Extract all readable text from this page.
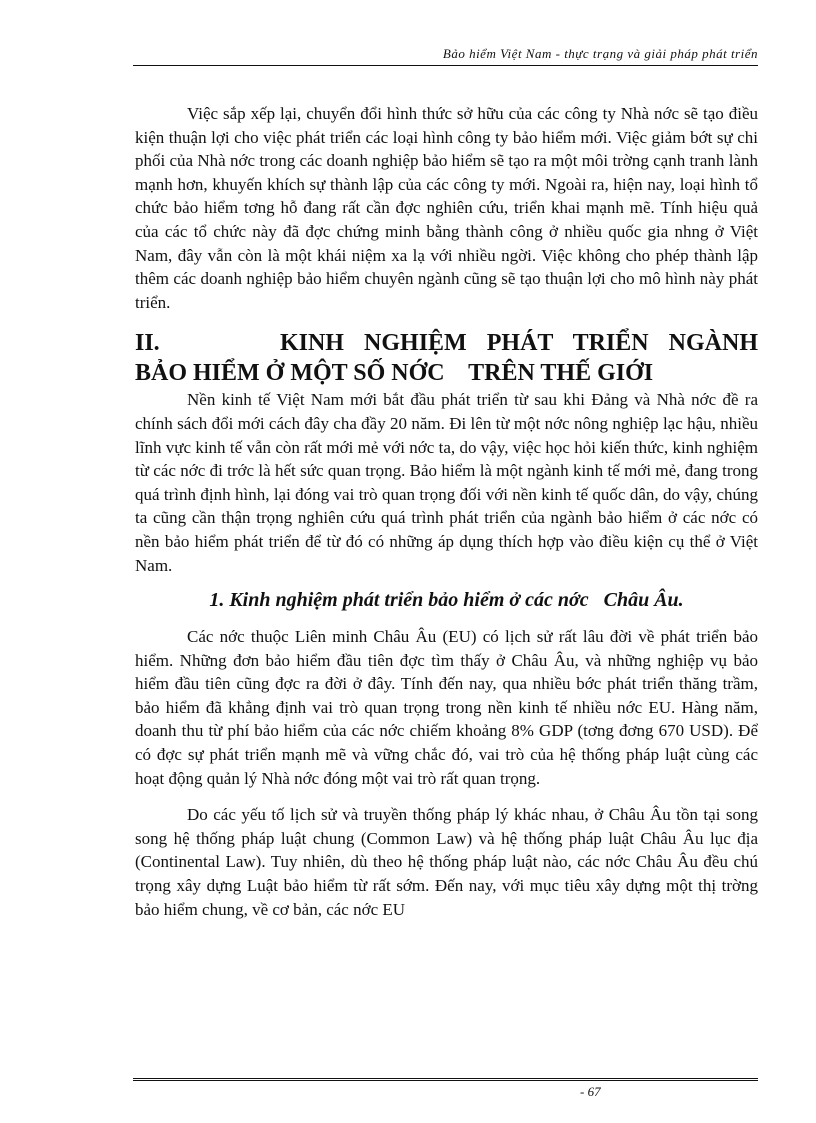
Bảo hiểm Việt Nam - thực trạng và giải pháp phát triển

Việc sắp xếp lại, chuyển đổi hình thức sở hữu của các công ty Nhà nớc sẽ tạo điều kiện thuận lợi cho việc phát triển các loại hình công ty bảo hiểm mới. Việc giảm bớt sự chi phối của Nhà nớc trong các doanh nghiệp bảo hiểm sẽ tạo ra một môi trờng cạnh tranh lành mạnh hơn, khuyến khích sự thành lập của các công ty mới. Ngoài ra, hiện nay, loại hình tổ chức bảo hiểm tơng hỗ đang rất cần đợc nghiên cứu, triển khai mạnh mẽ. Tính hiệu quả của các tổ chức này đã đợc chứng minh bằng thành công ở nhiều quốc gia nhng ở Việt Nam, đây vẫn còn là một khái niệm xa lạ với nhiều ngời. Việc không cho phép thành lập thêm các doanh nghiệp bảo hiểm chuyên ngành cũng sẽ tạo thuận lợi cho mô hình này phát triển.

II.      KINH NGHIỆM PHÁT TRIỂN NGÀNH

BẢO HIỂM Ở MỘT SỐ NỚC    TRÊN THẾ GIỚI

Nền kinh tế Việt Nam mới bắt đầu phát triển từ sau khi Đảng và Nhà nớc đề ra chính sách đổi mới cách đây cha đầy 20 năm. Đi lên từ một nớc nông nghiệp lạc hậu, nhiều lĩnh vực kinh tế vẫn còn rất mới mẻ với nớc ta, do vậy, việc học hỏi kiến thức, kinh nghiệm từ các nớc đi trớc là hết sức quan trọng. Bảo hiểm là một ngành kinh tế mới mẻ, đang trong quá trình định hình, lại đóng vai trò quan trọng đối với nền kinh tế quốc dân, do vậy, chúng ta cũng cần thận trọng nghiên cứu quá trình phát triển của ngành bảo hiểm ở các nớc có nền bảo hiểm phát triển để từ đó có những áp dụng thích hợp vào điều kiện cụ thể ở Việt Nam.

1. Kinh nghiệm phát triển bảo hiểm ở các nớc   Châu Âu.

Các nớc thuộc Liên minh Châu Âu (EU) có lịch sử rất lâu đời về phát triển bảo hiểm. Những đơn bảo hiểm đầu tiên đợc tìm thấy ở Châu Âu, và những nghiệp vụ bảo hiểm đầu tiên cũng đợc ra đời ở đây. Tính đến nay, qua nhiều bớc phát triển thăng trầm, bảo hiểm đã khẳng định vai trò quan trọng trong nền kinh tế nhiều nớc EU. Hàng năm, doanh thu từ phí bảo hiểm của các nớc chiếm khoảng 8% GDP (tơng đơng 670 USD). Để có đợc sự phát triển mạnh mẽ và vững chắc đó, vai trò của hệ thống pháp luật cùng các hoạt động quản lý Nhà nớc đóng một vai trò rất quan trọng.

Do các yếu tố lịch sử và truyền thống pháp lý khác nhau, ở Châu Âu tồn tại song song hệ thống pháp luật chung (Common Law) và hệ thống pháp luật Châu Âu lục địa (Continental Law). Tuy nhiên, dù theo hệ thống pháp luật nào, các nớc Châu Âu đều chú trọng xây dựng Luật bảo hiểm từ rất sớm. Đến nay, với mục tiêu xây dựng một thị trờng bảo hiểm chung, về cơ bản, các nớc EU

- 67
